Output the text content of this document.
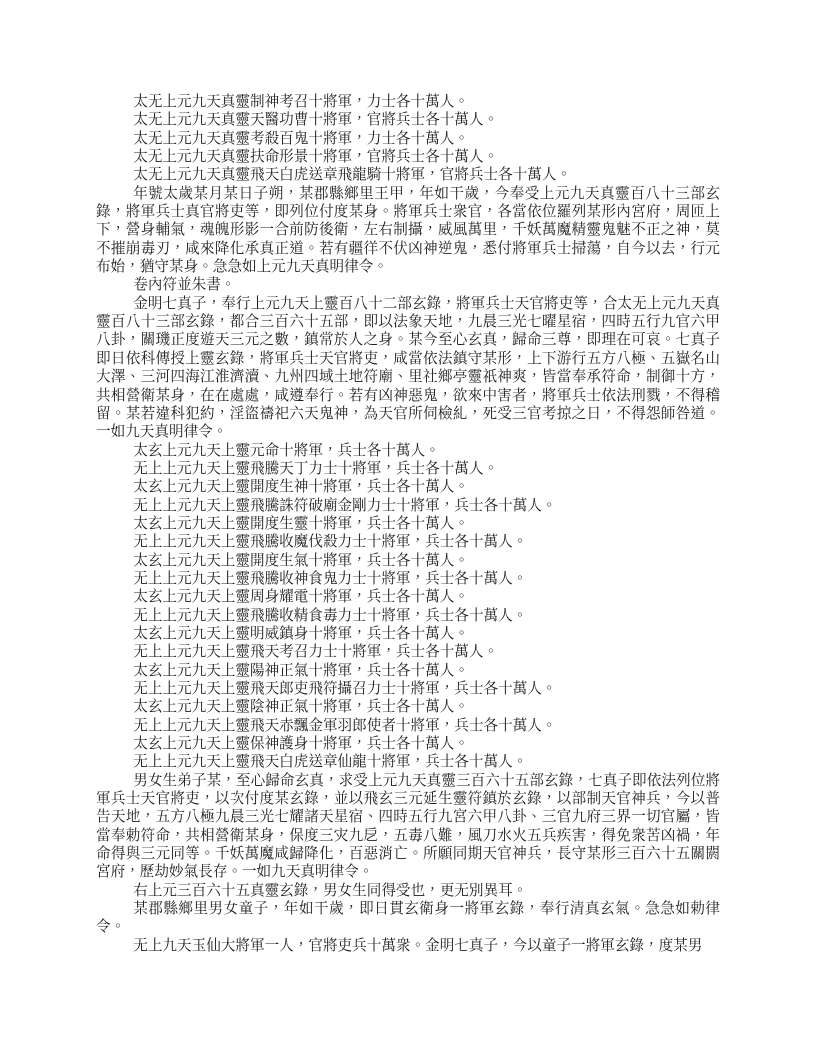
太无上元九天真靈制神考召十將軍，力士各十萬人。

太无上元九天真靈天醫功曹十將軍，官將兵士各十萬人。

太无上元九天真靈考殺百鬼十將軍，力士各十萬人。

太无上元九天真靈扶命形景十將軍，官將兵士各十萬人。

太无上元九天真靈飛天白虎送章飛龍騎十將軍，官將兵士各十萬人。

年號太歲某月某日子朔，某郡縣鄉里王甲，年如干歲，今奉受上元九天真靈百八十三部玄錄，將軍兵士真官將吏等，即列位付度某身。將軍兵士衆官，各當依位羅列某形內宮府，周匝上下，營身輔氣，魂魄形影一合前防後衛，左右制攝，威風萬里，千妖萬魔精靈鬼魅不正之神，莫不摧崩毒刃，咸來降化承真正道。若有疆徉不伏凶神逆鬼，悉付將軍兵士掃蕩，自今以去，行元布始，猶守某身。急急如上元九天真明律令。

卷內符並朱書。

金明七真子，奉行上元九天上靈百八十二部玄錄，將軍兵士天官將吏等，合太无上元九天真靈百八十三部玄錄，都合三百六十五部，即以法象天地，九晨三光七曜星宿，四時五行九官六甲八卦，關璣正度遊天三元之數，鎮常於人之身。某今至心玄真，歸命三尊，即理在可哀。七真子即日依科傳授上靈玄錄，將軍兵士天官將吏，咸當依法鎮守某形，上下游行五方八極、五嶽名山大澤、三河四海江淮濟瀆、九州四域土地符廟、里社鄉亭靈祇神爽，皆當奉承符命，制御十方，共相營衛某身，在在處處，咸遵奉行。若有凶神惡鬼，欲來中害者，將軍兵士依法刑戮，不得稽留。某若違科犯約，淫盜禱祀六天鬼神，為天官所伺檢糺，死受三官考掠之日，不得怨師咎道。一如九天真明律令。

太玄上元九天上靈元命十將軍，兵士各十萬人。

无上上元九天上靈飛騰天丁力士十將軍，兵士各十萬人。

太玄上元九天上靈開度生神十將軍，兵士各十萬人。

无上上元九天上靈飛騰誅符破廟金剛力士十將軍，兵士各十萬人。

太玄上元九天上靈開度生靈十將軍，兵士各十萬人。

无上上元九天上靈飛騰收魔伐殺力士十將軍，兵士各十萬人。

太玄上元九天上靈開度生氣十將軍，兵士各十萬人。

无上上元九天上靈飛騰收神食鬼力士十將軍，兵士各十萬人。

太玄上元九天上靈周身耀電十將軍，兵士各十萬人。

无上上元九天上靈飛騰收精食毒力士十將軍，兵士各十萬人。

太玄上元九天上靈明威鎮身十將軍，兵士各十萬人。

无上上元九天上靈飛天考召力士十將軍，兵士各十萬人。

太玄上元九天上靈陽神正氣十將軍，兵士各十萬人。

无上上元九天上靈飛天郎吏飛符攝召力士十將軍，兵士各十萬人。

太玄上元九天上靈陰神正氣十將軍，兵士各十萬人。

无上上元九天上靈飛天赤飄金軍羽郎使者十將軍，兵士各十萬人。

太玄上元九天上靈保神護身十將軍，兵士各十萬人。

无上上元九天上靈飛天白虎送章仙龍十將軍，兵士各十萬人。

男女生弟子某，至心歸命玄真，求受上元九天真靈三百六十五部玄錄，七真子即依法列位將軍兵士天官將吏，以次付度某玄錄，並以飛玄三元延生靈符鎮於玄錄，以部制天官神兵，今以普告天地，五方八極九晨三光七耀諸天星宿、四時五行九宮六甲八卦、三官九府三界一切官屬，皆當奉勅符命，共相營衛某身，保度三灾九戹，五毒八難，風刀水火五兵疾害，得免衆苦凶禍，年命得與三元同等。千妖萬魔咸歸降化，百惡消亡。所願同期天官神兵，長守某形三百六十五關閼宮府，歷劫妙氣長存。一如九天真明律令。

右上元三百六十五真靈玄錄，男女生同得受也，更无別異耳。

某郡縣鄉里男女童子，年如干歲，即日貫玄衛身一將軍玄錄，奉行清真玄氣。急急如勅律令。

无上九天玉仙大將軍一人，官將吏兵十萬衆。金明七真子，今以童子一將軍玄錄，度某男
